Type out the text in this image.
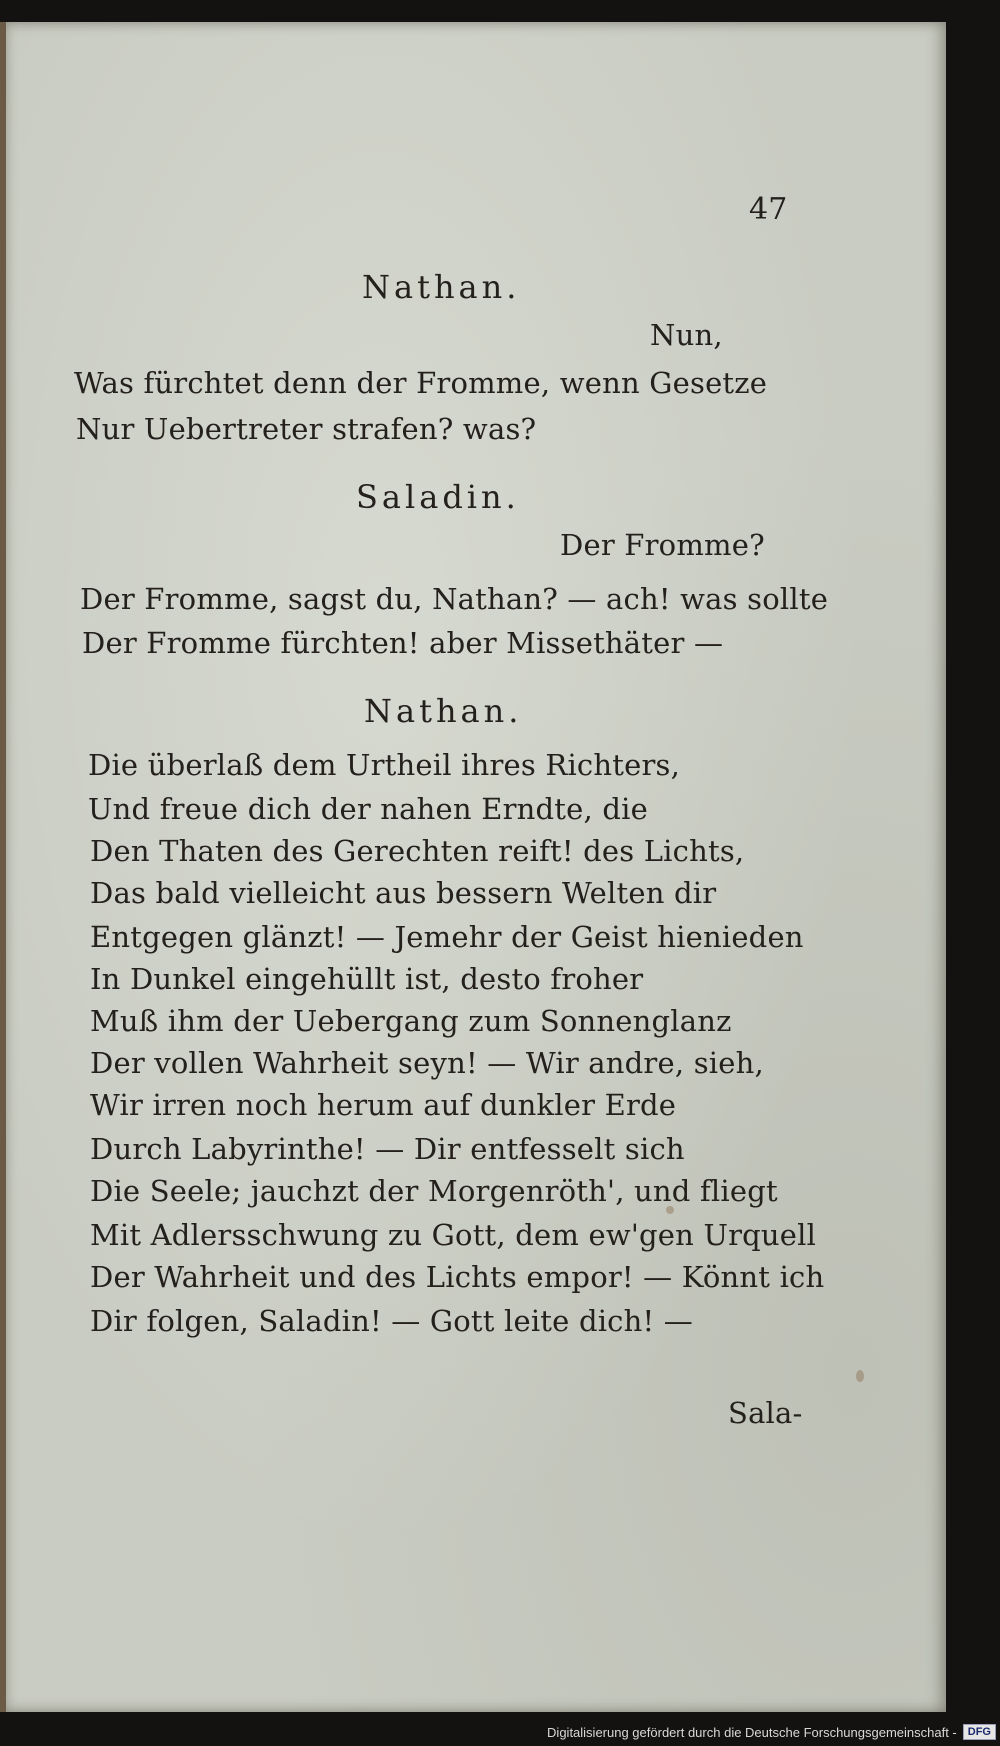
47
Nathan.
Nun,
Was fürchtet denn der Fromme, wenn Gesetze
Nur Uebertreter strafen? was?
Saladin.
Der Fromme?
Der Fromme, sagst du, Nathan? — ach! was sollte
Der Fromme fürchten! aber Missethäter —
Nathan.
Die überlaß dem Urtheil ihres Richters,
Und freue dich der nahen Erndte, die
Den Thaten des Gerechten reift! des Lichts,
Das bald vielleicht aus bessern Welten dir
Entgegen glänzt! — Jemehr der Geist hienieden
In Dunkel eingehüllt ist, desto froher
Muß ihm der Uebergang zum Sonnenglanz
Der vollen Wahrheit seyn! — Wir andre, sieh,
Wir irren noch herum auf dunkler Erde
Durch Labyrinthe! — Dir entfesselt sich
Die Seele; jauchzt der Morgenröth', und fliegt
Mit Adlersschwung zu Gott, dem ew'gen Urquell
Der Wahrheit und des Lichts empor! — Könnt ich
Dir folgen, Saladin! — Gott leite dich! —
Sala-
Digitalisierung gefördert durch die Deutsche Forschungsgemeinschaft -	DFG
